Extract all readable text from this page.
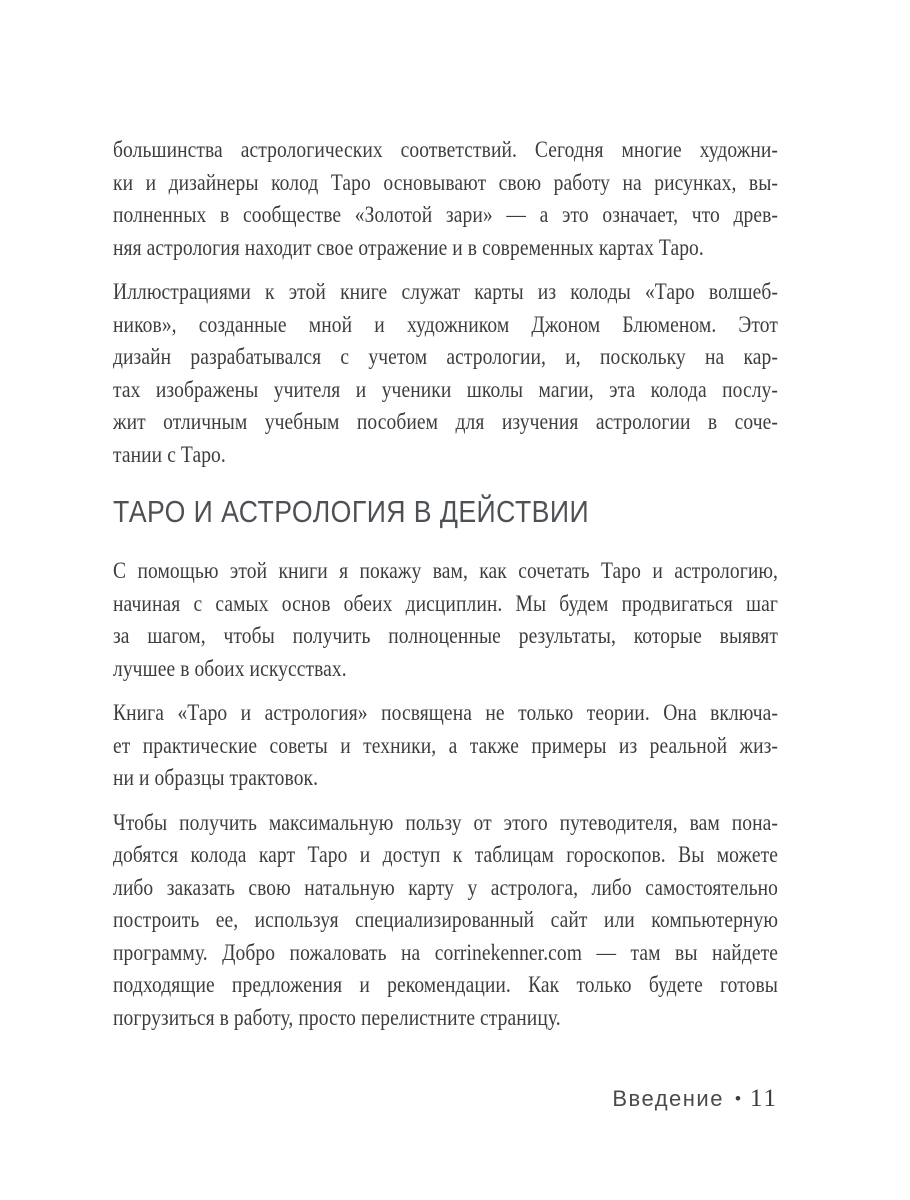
большинства астрологических соответствий. Сегодня многие художни-
ки и дизайнеры колод Таро основывают свою работу на рисунках, вы-
полненных в сообществе «Золотой зари» — а это означает, что древ-
няя астрология находит свое отражение и в современных картах Таро.
Иллюстрациями к этой книге служат карты из колоды «Таро волшеб-
ников», созданные мной и художником Джоном Блюменом. Этот
дизайн разрабатывался с учетом астрологии, и, поскольку на кар-
тах изображены учителя и ученики школы магии, эта колода послу-
жит отличным учебным пособием для изучения астрологии в соче-
тании с Таро.
ТАРО И АСТРОЛОГИЯ В ДЕЙСТВИИ
С помощью этой книги я покажу вам, как сочетать Таро и астрологию,
начиная с самых основ обеих дисциплин. Мы будем продвигаться шаг
за шагом, чтобы получить полноценные результаты, которые выявят
лучшее в обоих искусствах.
Книга «Таро и астрология» посвящена не только теории. Она включа-
ет практические советы и техники, а также примеры из реальной жиз-
ни и образцы трактовок.
Чтобы получить максимальную пользу от этого путеводителя, вам пона-
добятся колода карт Таро и доступ к таблицам гороскопов. Вы можете
либо заказать свою натальную карту у астролога, либо самостоятельно
построить ее, используя специализированный сайт или компьютерную
программу. Добро пожаловать на corrinekenner.com — там вы найдете
подходящие предложения и рекомендации. Как только будете готовы
погрузиться в работу, просто перелистните страницу.
Введение • 11
